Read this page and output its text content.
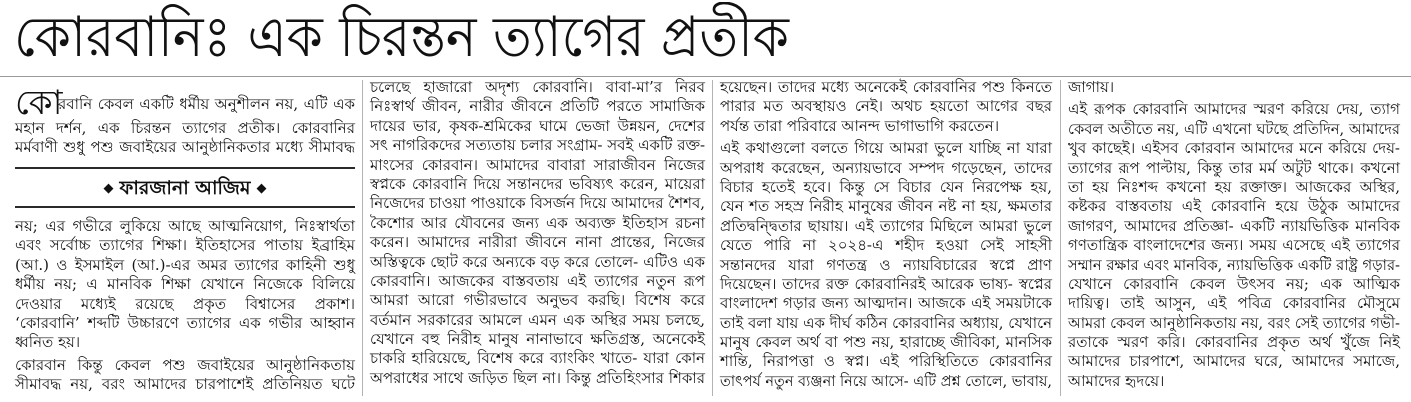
কোরবানিঃ এক চিরন্তন ত্যাগের প্রতীক
কো
রবানি কেবল একটি ধর্মীয় অনুশীলন নয়, এটি এক
মহান দর্শন, এক চিরন্তন ত্যাগের প্রতীক। কোরবানির
মর্মবাণী শুধু পশু জবাইয়ের আনুষ্ঠানিকতার মধ্যে সীমাবদ্ধ
◆ ফারজানা আজিম ◆
নয়; এর গভীরে লুকিয়ে আছে আত্মনিয়োগ, নিঃস্বার্থতা
এবং সর্বোচ্চ ত্যাগের শিক্ষা। ইতিহাসের পাতায় ইব্রাহিম
(আ.) ও ইসমাইল (আ.)-এর অমর ত্যাগের কাহিনী শুধু
ধর্মীয় নয়; এ মানবিক শিক্ষা যেখানে নিজেকে বিলিয়ে
দেওয়ার মধ্যেই রয়েছে প্রকৃত বিশ্বাসের প্রকাশ।
‘কোরবানি’ শব্দটি উচ্চারণে ত্যাগের এক গভীর আহ্বান
ধ্বনিত হয়।
কোরবান কিন্তু কেবল পশু জবাইয়ের আনুষ্ঠানিকতায়
সীমাবদ্ধ নয়, বরং আমাদের চারপাশেই প্রতিনিয়ত ঘটে
চলেছে হাজারো অদৃশ্য কোরবানি। বাবা-মা’র নিরব
নিঃস্বার্থ জীবন, নারীর জীবনে প্রতিটি পরতে সামাজিক
দায়ের ভার, কৃষক-শ্রমিকের ঘামে ভেজা উন্নয়ন, দেশের
সৎ নাগরিকদের সত্যতায় চলার সংগ্রাম- সবই একটি রক্ত-
মাংসের কোরবান। আমাদের বাবারা সারাজীবন নিজের
স্বপ্নকে কোরবানি দিয়ে সন্তানদের ভবিষ্যৎ করেন, মায়েরা
নিজেদের চাওয়া পাওয়াকে বিসর্জন দিয়ে আমাদের শৈশব,
কৈশোর আর যৌবনের জন্য এক অব্যক্ত ইতিহাস রচনা
করেন। আমাদের নারীরা জীবনে নানা প্রান্তের, নিজের
অস্তিত্বকে ছোট করে অন্যকে বড় করে তোলে- এটিও এক
কোরবানি। আজকের বাস্তবতায় এই ত্যাগের নতুন রূপ
আমরা আরো গভীরভাবে অনুভব করছি। বিশেষ করে
বর্তমান সরকারের আমলে এমন এক অস্থির সময় চলছে,
যেখানে বহু নিরীহ মানুষ নানাভাবে ক্ষতিগ্রস্ত, অনেকেই
চাকরি হারিয়েছে, বিশেষ করে ব্যাংকিং খাতে- যারা কোন
অপরাধের সাথে জড়িত ছিল না। কিন্তু প্রতিহিংসার শিকার
হয়েছেন। তাদের মধ্যে অনেকেই কোরবানির পশু কিনতে
পারার মত অবস্থায়ও নেই। অথচ হয়তো আগের বছর
পর্যন্ত তারা পরিবারে আনন্দ ভাগাভাগি করতেন।
এই কথাগুলো বলতে গিয়ে আমরা ভুলে যাচ্ছি না যারা
অপরাধ করেছেন, অন্যায়ভাবে সম্পদ গড়েছেন, তাদের
বিচার হতেই হবে। কিন্তু সে বিচার যেন নিরপেক্ষ হয়,
যেন শত সহস্র নিরীহ মানুষের জীবন নষ্ট না হয়, ক্ষমতার
প্রতিদ্বন্দ্বিতার ছায়ায়। এই ত্যাগের মিছিলে আমরা ভুলে
যেতে পারি না ২০২৪-এ শহীদ হওয়া সেই সাহসী
সন্তানদের যারা গণতন্ত্র ও ন্যায়বিচারের স্বপ্নে প্রাণ
দিয়েছেন। তাদের রক্ত কোরবানিরই আরেক ভাষ্য- স্বপ্নের
বাংলাদেশ গড়ার জন্য আত্মদান। আজকে এই সময়টাকে
তাই বলা যায় এক দীর্ঘ কঠিন কোরবানির অধ্যায়, যেখানে
মানুষ কেবল অর্থ বা পশু নয়, হারাচ্ছে জীবিকা, মানসিক
শান্তি, নিরাপত্তা ও স্বপ্ন। এই পরিস্থিতিতে কোরবানির
তাৎপর্য নতুন ব্যঞ্জনা নিয়ে আসে- এটি প্রশ্ন তোলে, ভাবায়,
জাগায়।
এই রূপক কোরবানি আমাদের স্মরণ করিয়ে দেয়, ত্যাগ
কেবল অতীতে নয়, এটি এখনো ঘটছে প্রতিদিন, আমাদের
খুব কাছেই। এইসব কোরবান আমাদের মনে করিয়ে দেয়-
ত্যাগের রূপ পাল্টায়, কিন্তু তার মর্ম অটুট থাকে। কখনো
তা হয় নিঃশব্দ কখনো হয় রক্তাক্ত। আজকের অস্থির,
কষ্টকর বাস্তবতায় এই কোরবানি হয়ে উঠুক আমাদের
জাগরণ, আমাদের প্রতিজ্ঞা- একটি ন্যায়ভিত্তিক মানবিক
গণতান্ত্রিক বাংলাদেশের জন্য। সময় এসেছে এই ত্যাগের
সম্মান রক্ষার এবং মানবিক, ন্যায়ভিত্তিক একটি রাষ্ট্র গড়ার-
যেখানে কোরবানি কেবল উৎসব নয়; এক আত্মিক
দায়িত্ব। তাই আসুন, এই পবিত্র কোরবানির মৌসুমে
আমরা কেবল আনুষ্ঠানিকতায় নয়, বরং সেই ত্যাগের গভী-
রতাকে স্মরণ করি। কোরবানির প্রকৃত অর্থ খুঁজে নিই
আমাদের চারপাশে, আমাদের ঘরে, আমাদের সমাজে,
আমাদের হৃদয়ে।
